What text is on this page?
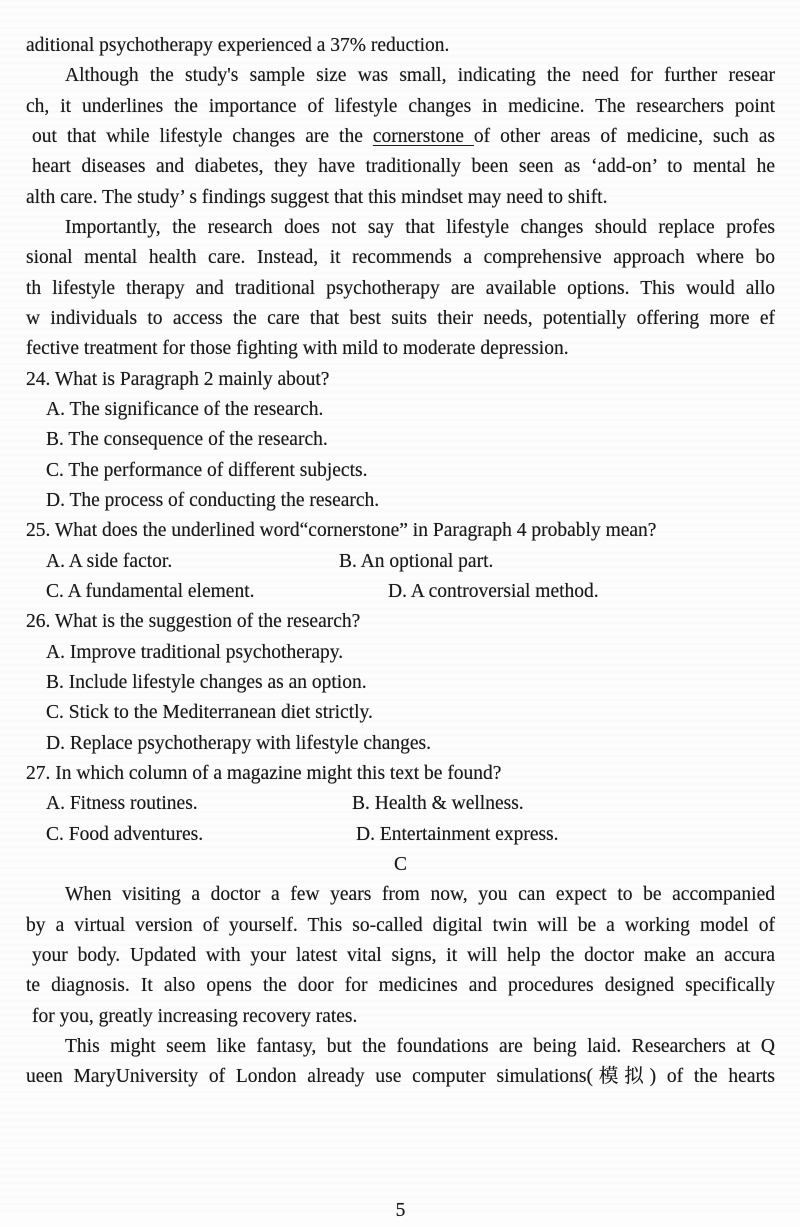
aditional psychotherapy experienced a 37% reduction.
Although the study's sample size was small, indicating the need for further resear
ch, it underlines the importance of lifestyle changes in medicine. The researchers point
out that while lifestyle changes are the cornerstone of other areas of medicine, such as
heart diseases and diabetes, they have traditionally been seen as ‘add-on’ to mental he
alth care. The study’ s findings suggest that this mindset may need to shift.
Importantly, the research does not say that lifestyle changes should replace profes
sional mental health care. Instead, it recommends a comprehensive approach where bo
th lifestyle therapy and traditional psychotherapy are available options. This would allo
w individuals to access the care that best suits their needs, potentially offering more ef
fective treatment for those fighting with mild to moderate depression.
24. What is Paragraph 2 mainly about?
A. The significance of the research.
B. The consequence of the research.
C. The performance of different subjects.
D. The process of conducting the research.
25. What does the underlined word“cornerstone” in Paragraph 4 probably mean?
A. A side factor.	B. An optional part.
C. A fundamental element.	D. A controversial method.
26. What is the suggestion of the research?
A. Improve traditional psychotherapy.
B. Include lifestyle changes as an option.
C. Stick to the Mediterranean diet strictly.
D. Replace psychotherapy with lifestyle changes.
27. In which column of a magazine might this text be found?
A. Fitness routines.	B. Health & wellness.
C. Food adventures.	D. Entertainment express.
C
When visiting a doctor a few years from now, you can expect to be accompanied
by a virtual version of yourself. This so-called digital twin will be a working model of
your body. Updated with your latest vital signs, it will help the doctor make an accura
te diagnosis. It also opens the door for medicines and procedures designed specifically
for you, greatly increasing recovery rates.
This might seem like fantasy, but the foundations are being laid. Researchers at Q
ueen MaryUniversity of London already use computer simulations(模拟) of the hearts
5
